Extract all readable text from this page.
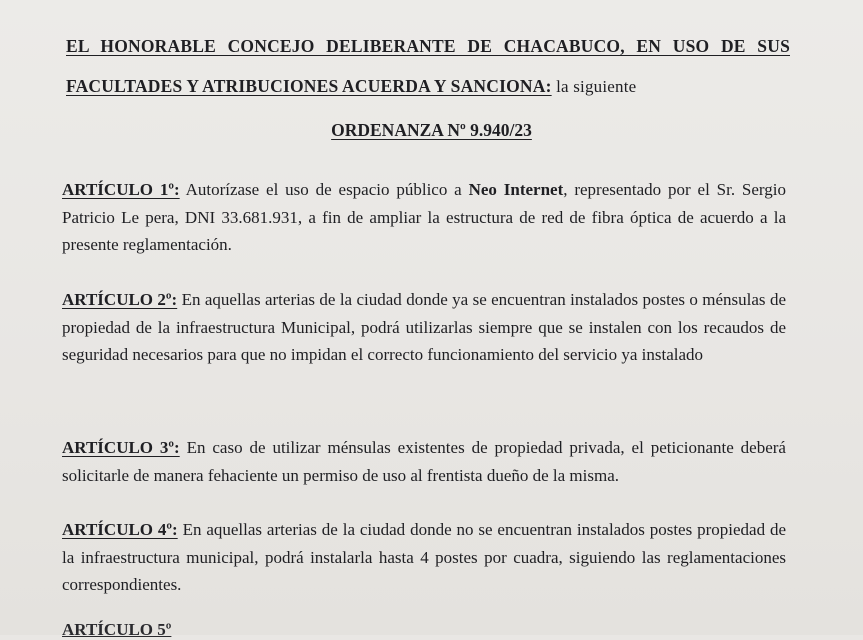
EL HONORABLE CONCEJO DELIBERANTE DE CHACABUCO, EN USO DE SUS
FACULTADES Y ATRIBUCIONES ACUERDA Y SANCIONA: la siguiente
ORDENANZA Nº 9.940/23
ARTÍCULO 1º: Autorízase el uso de espacio público a Neo Internet, representado por el Sr. Sergio Patricio Le pera, DNI 33.681.931, a fin de ampliar la estructura de red de fibra óptica de acuerdo a la presente reglamentación.
ARTÍCULO 2º: En aquellas arterias de la ciudad donde ya se encuentran instalados postes o ménsulas de propiedad de la infraestructura Municipal, podrá utilizarlas siempre que se instalen con los recaudos de seguridad necesarios para que no impidan el correcto funcionamiento del servicio ya instalado
ARTÍCULO 3º: En caso de utilizar ménsulas existentes de propiedad privada, el peticionante deberá solicitarle de manera fehaciente un permiso de uso al frentista dueño de la misma.
ARTÍCULO 4º: En aquellas arterias de la ciudad donde no se encuentran instalados postes propiedad de la infraestructura municipal, podrá instalarla hasta 4 postes por cuadra, siguiendo las reglamentaciones correspondientes.
ARTÍCULO 5º
